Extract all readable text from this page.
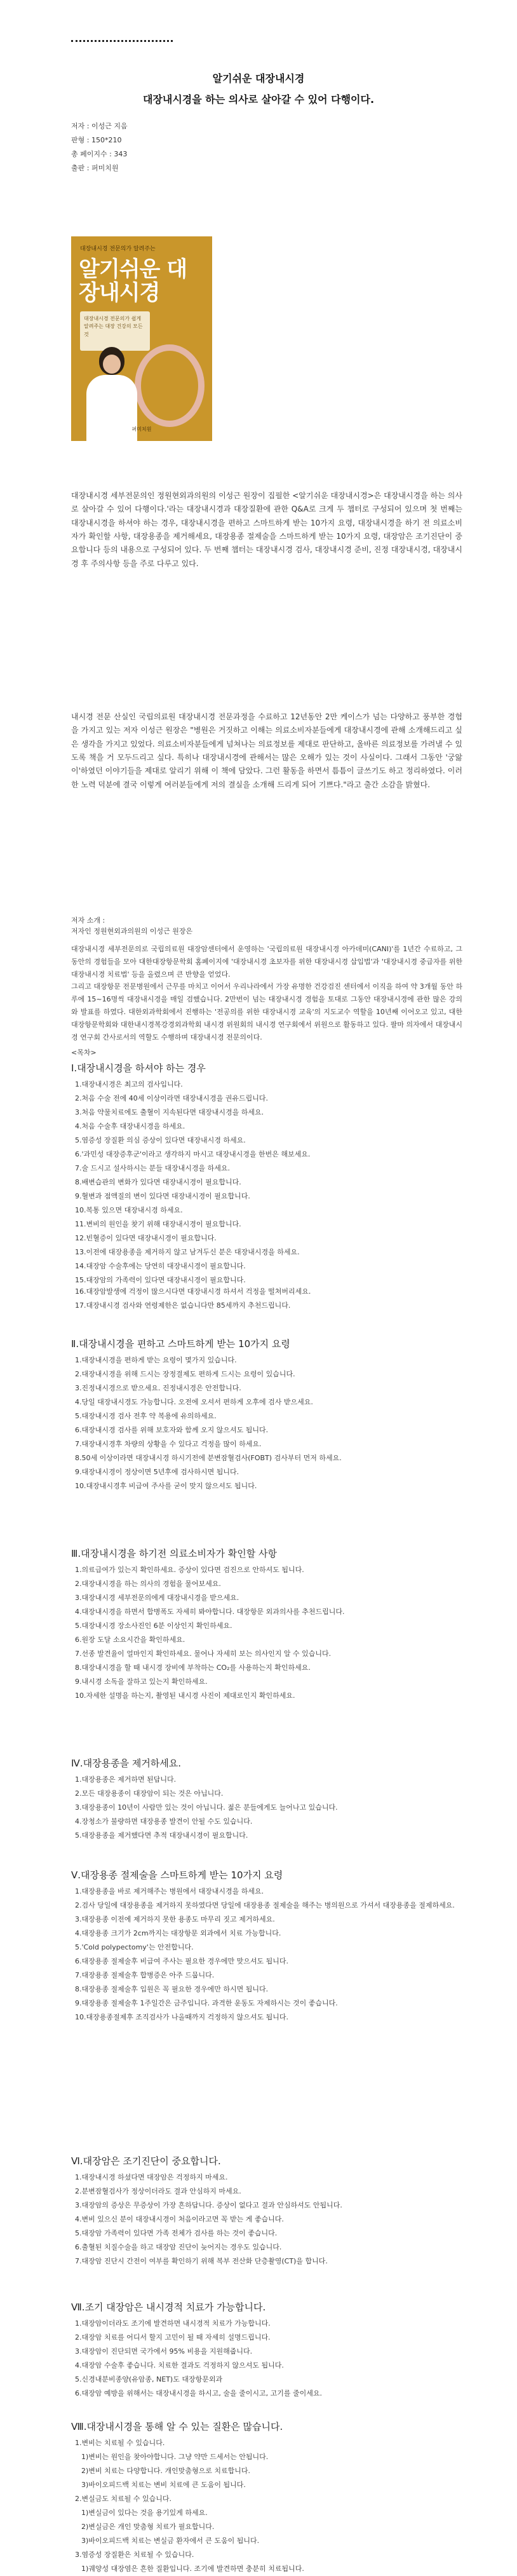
알기쉬운 대장내시경
대장내시경을 하는 의사로 살아갈 수 있어 다행이다.
저자 : 이성근 지음
판형 : 150*210
총 페이지수 : 343
출판 : 퍼미치원
대장내시경 전문의가 알려주는
알기쉬운 대장내시경
대장내시경 전문의가 쉽게 알려주는 대장 건강의 모든 것
퍼미치원

대장내시경 세부전문의인 정원현외과의원의 이성근 원장이 집필한 <알기쉬운 대장내시경>은 대장내시경을 하는 의사로 살아갈 수 있어 다행이다.'라는 대장내시경과 대장질환에 관한 Q&A로 크게 두 챕터로 구성되어 있으며 첫 번째는 대장내시경을 하셔야 하는 경우, 대장내시경을 편하고 스마트하게 받는 10가지 요령, 대장내시경을 하기 전 의료소비자가 확인할 사항, 대장용종을 제거해세요, 대장용종 절제술을 스마트하게 받는 10가지 요령, 대장암은 조기진단이 중요합니다 등의 내용으로 구성되어 있다. 두 번째 챕터는 대장내시경 검사, 대장내시경 준비, 진정 대장내시경, 대장내시경 후 주의사항 등을 주로 다루고 있다.

내시경 전문 산실인 국립의료원 대장내시경 전문과정을 수료하고 12년동안 2만 케이스가 넘는 다양하고 풍부한 경험을 가지고 있는 저자 이성근 원장은 "병원은 거짓하고 이해는 의료소비자분들에게 대장내시경에 관해 소개해드리고 싶은 생각을 가지고 있었다. 의료소비자분들에게 넘쳐나는 의료정보를 제대로 판단하고, 올바른 의료정보를 가려낼 수 있도록 책을 거 모두드리고 싶다. 특히나 대장내시경에 관해서는 많은 오해가 있는 것이 사실이다. 그래서 그동안 '궁앓이'하였던 이야기들을 제대로 알리기 위해 이 책에 담았다. 그런 활동을 하면서 틈틈이 글쓰기도 하고 정리하였다. 이러한 노력 덕분에 결국 이렇게 여러분들에게 저의 결실을 소개해 드리게 되어 기쁘다."라고 출간 소감을 밝혔다.

저자 소개 :

저자인 정원현외과의원의 이성근 원장은

대장내시경 세부전문의로 국립의료원 대장암센터에서 운영하는 '국립의료원 대장내시경 아카데미(CANI)'를 1년간 수료하고, 그동안의 경험들을 모아 대한대장항문학회 홈페이지에 '대장내시경 초보자를 위한 대장내시경 삽입법'과 '대장내시경 중급자를 위한 대장내시경 치료법' 등을 올렸으며 큰 반향을 얻었다.

그리고 대장항문 전문병원에서 근무를 마치고 이어서 우리나라에서 가장 유명한 건강검진 센터에서 이직을 하여 약 3개월 동안 하루에 15~16명씩 대장내시경을 매일 검했습니다. 2만번이 넘는 대장내시경 경험을 토대로 그동안 대장내시경에 관한 많은 강의와 발표를 하였다. 대한외과학회에서 진행하는 '전공의를 위한 대장내시경 교육'의 지도교수 역할을 10년째 이어오고 있고, 대한대장항문학회와 대한내시경복강경외과학회 내시경 위원회의 내시경 연구회에서 위원으로 활동하고 있다. 팔마 의자에서 대장내시경 연구회 간사로서의 역할도 수행하며 대장내시경 전문의이다.

<목차>
Ⅰ.대장내시경을 하셔야 하는 경우
1.대장내시경은 최고의 검사입니다.
2.처음 수술 전에 40세 이상이라면 대장내시경을 권유드립니다.
3.처음 약물치료에도 출혈이 지속된다면 대장내시경을 하세요.
4.처음 수술후 대장내시경을 하세요.
5.염증성 장질환 의심 증상이 있다면 대장내시경 하세요.
6.'과민성 대장증후군'이라고 생각하지 마시고 대장내시경을 한번은 해보세요.
7.술 드시고 설사하시는 분들 대장내시경을 하세요.
8.배변습관의 변화가 있다면 대장내시경이 필요합니다.
9.혈변과 점액질의 변이 있다면 대장내시경이 필요합니다.
10.복통 있으면 대장내시경 하세요.
11.변비의 원인을 찾기 위해 대장내시경이 필요합니다.
12.빈혈증이 있다면 대장내시경이 필요합니다.
13.이전에 대장용종을 제거하지 않고 남겨두신 분은 대장내시경을 하세요.
14.대장암 수술후에는 당연히 대장내시경이 필요합니다.
15.대장암의 가족력이 있다면 대장내시경이 필요합니다.
16.대장암발생에 걱정이 많으시다면 대장내시경 하셔서 걱정을 떨쳐버리세요.
17.대장내시경 검사와 연령제한은 없습니다만 85세까지 추천드립니다.
Ⅱ.대장내시경을 편하고 스마트하게 받는 10가지 요령
1.대장내시경을 편하게 받는 요령이 몇가지 있습니다.
2.대장내시경을 위해 드시는 장정결제도 편하게 드시는 요령이 있습니다.
3.진정내시경으로 받으세요. 진정내시경은 안전합니다.
4.당일 대장내시경도 가능합니다. 오전에 오셔서 편하게 오후에 검사 받으세요.
5.대장내시경 검사 전후 약 복용에 유의하세요.
6.대장내시경 검사를 위해 보호자와 함께 오지 않으셔도 됩니다.
7.대장내시경후 차량의 상황을 수 있다고 걱정을 많이 하세요.
8.50세 이상이라면 대장내시경 하시기전에 분변잠혈검사(FOBT) 검사부터 먼저 하세요.
9.대장내시경이 정상이면 5년후에 검사하시면 됩니다.
10.대장내시경후 비급여 주사를 굳이 맞지 않으셔도 됩니다.
Ⅲ.대장내시경을 하기전 의료소비자가 확인할 사항
1.의료급여가 있는지 확인하세요. 증상이 있다면 검진으로 안하셔도 됩니다.
2.대장내시경을 하는 의사의 경험을 물어보세요.
3.대장내시경 세부전문의에게 대장내시경을 받으세요.
4.대장내시경을 하면서 합병폭도 자세히 봐야합니다. 대장항문 외과의사를 추천드립니다.
5.대장내시경 장소사진인 6분 이상인지 확인하세요.
6.원장 도달 소요시간을 확인하세요.
7.선종 발견율이 얼마인지 확인하세요. 물어나 자세히 보는 의사인지 알 수 있습니다.
8.대장내시경을 할 때 내시경 장비에 부착하는 CO₂를 사용하는지 확인하세요.
9.내시경 소독을 잘하고 있는지 확인하세요.
10.자세한 설명을 하는지, 촬영된 내시경 사진이 제대로인지 확인하세요.
Ⅳ.대장용종을 제거하세요.
1.대장용종은 제거하면 된답니다.
2.모든 대장용종이 대장암이 되는 것은 아닙니다.
3.대장용종이 10년이 사람만 있는 것이 아닙니다. 젊은 분들에게도 늘어나고 있습니다.
4.장청소가 불량하면 대장용종 발견이 안될 수도 있습니다.
5.대장용종을 제거했다면 추적 대장내시경이 필요합니다.
Ⅴ.대장용종 절제술을 스마트하게 받는 10가지 요령
1.대장용종을 바로 제거해주는 병원에서 대장내시경을 하세요.
2.검사 당일에 대장용종을 제거하지 못하였다면 당일에 대장용종 절제술을 해주는 병의원으로 가셔서 대장용종을 절제하세요.
3.대장용종 이전에 제거하지 못한 용종도 마무리 짓고 제거하세요.
4.대장용종 크기가 2cm까지는 대장항문 외과에서 치료 가능합니다.
5.'Cold polypectomy'는 안전합니다.
6.대장용종 절제술후 비급여 주사는 필요한 경우에만 맞으셔도 됩니다.
7.대장용종 절제술후 합병증은 아주 드뭅니다.
8.대장용종 절제술후 입원은 꼭 필요한 경우에만 하시면 됩니다.
9.대장용종 절제술후 1주일간은 금주입니다. 과격한 운동도 자제하시는 것이 좋습니다.
10.대장용종절제후 조직검사가 나올때까지 걱정하지 않으셔도 됩니다.
Ⅵ.대장암은 조기진단이 중요합니다.
1.대장내시경 하셨다면 대장암은 걱정하지 마세요.
2.분변잠혈검사가 정상이더라도 결과 안심하지 마세요.
3.대장암의 증상은 무증상이 가장 흔하답니다. 증상이 없다고 결과 안심하셔도 안됩니다.
4.변비 있으신 분이 대장내시경이 처음이라고면 꼭 받는 게 좋습니다.
5.대장암 가족력이 있다면 가족 전체가 검사를 하는 것이 좋습니다.
6.출혈된 치질수술을 하고 대장암 진단이 늦어지는 경우도 있습니다.
7.대장암 진단시 간전이 여부를 확인하기 위해 복부 전산화 단층촬영(CT)을 합니다.
Ⅶ.조기 대장암은 내시경적 치료가 가능합니다.
1.대장암이더라도 조기에 발견하면 내시경적 치료가 가능합니다.
2.대장암 치료를 어디서 할지 고민이 될 때 자세히 설명드립니다.
3.대장암이 진단되면 국가에서 95% 비용을 지원해줍니다.
4.대장암 수술후 좋습니다. 치료한 결과도 걱정하지 않으셔도 됩니다.
5.신경내분비종양(유암종, NET)도 대장항문외과
6.대장암 예방을 위해서는 대장내시경을 하시고, 술을 줄이시고, 고기를 줄이세요.
Ⅷ.대장내시경을 통해 알 수 있는 질환은 많습니다.
1.변비는 치료될 수 있습니다.
1)변비는 원인을 찾아야합니다. 그냥 약만 드세서는 안됩니다.
2)변비 치료는 다양합니다. 개인맞춤형으로 치료합니다.
3)바이오피드백 치료는 변비 치료에 큰 도움이 됩니다.
2.변실금도 치료될 수 있습니다.
1)변실금이 있다는 것을 용기있게 하세요.
2)변실금은 개인 맞춤형 치료가 필요합니다.
3)바이오피드백 치료는 변실금 환자에서 큰 도움이 됩니다.
3.염증성 장질환은 치료될 수 있습니다.
1)궤양성 대장염은 흔한 질환입니다. 조기에 발견하면 충분히 치료됩니다.
